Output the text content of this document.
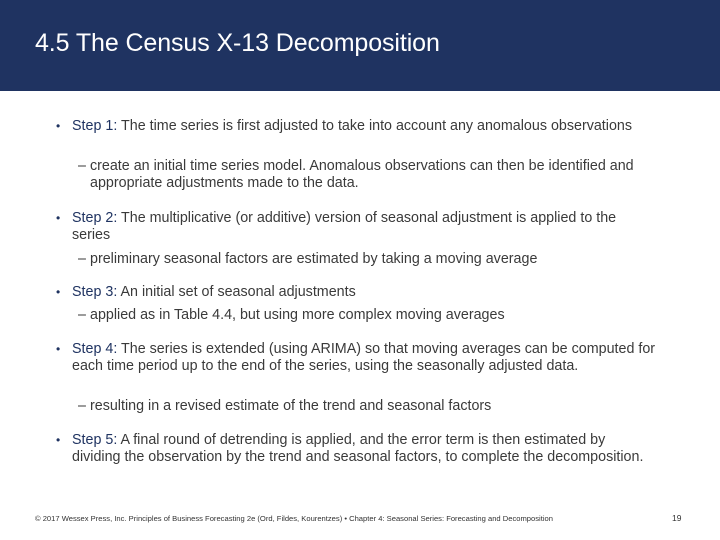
4.5 The Census X-13 Decomposition
• Step 1: The time series is first adjusted to take into account any anomalous observations
– create an initial time series model. Anomalous observations can then be identified and appropriate adjustments made to the data.
• Step 2: The multiplicative (or additive) version of seasonal adjustment is applied to the series
– preliminary seasonal factors are estimated by taking a moving average
• Step 3: An initial set of seasonal adjustments
– applied as in Table 4.4, but using more complex moving averages
• Step 4: The series is extended (using ARIMA) so that moving averages can be computed for each time period up to the end of the series, using the seasonally adjusted data.
– resulting in a revised estimate of the trend and seasonal factors
• Step 5: A final round of detrending is applied, and the error term is then estimated by dividing the observation by the trend and seasonal factors, to complete the decomposition.
© 2017 Wessex Press, Inc. Principles of Business Forecasting 2e (Ord, Fildes, Kourentzes) • Chapter 4: Seasonal Series: Forecasting and Decomposition	19
